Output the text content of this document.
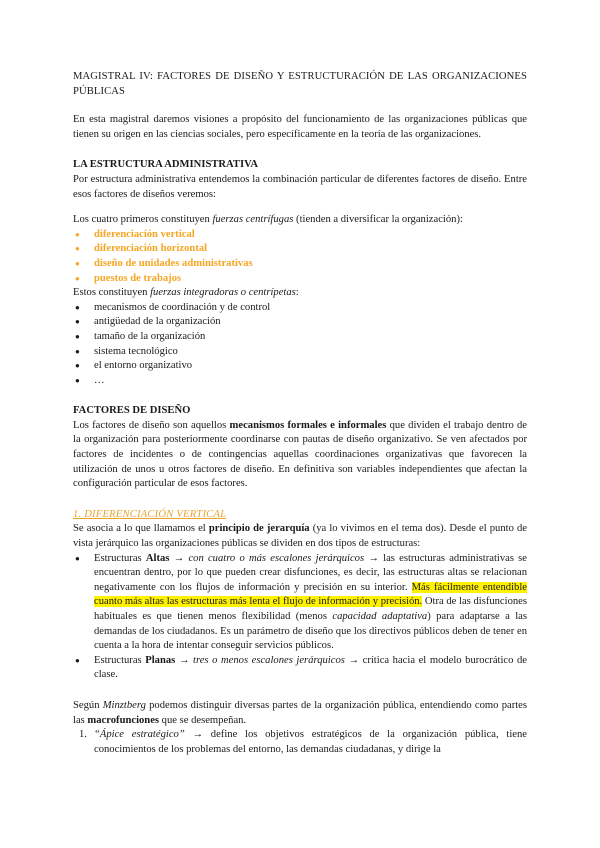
MAGISTRAL IV: FACTORES DE DISEÑO Y ESTRUCTURACIÓN DE LAS ORGANIZACIONES PÚBLICAS

En esta magistral daremos visiones a propósito del funcionamiento de las organizaciones públicas que tienen su origen en las ciencias sociales, pero específicamente en la teoría de las organizaciones.

LA ESTRUCTURA ADMINISTRATIVA

Por estructura administrativa entendemos la combinación particular de diferentes factores de diseño. Entre esos factores de diseños veremos:

Los cuatro primeros constituyen fuerzas centrífugas (tienden a diversificar la organización):

● diferenciación vertical
● diferenciación horizontal
● diseño de unidades administrativas
● puestos de trabajos

Estos constituyen fuerzas integradoras o centrípetas:

● mecanismos de coordinación y de control
● antigüedad de la organización
● tamaño de la organización
● sistema tecnológico
● el entorno organizativo
● …
FACTORES DE DISEÑO

Los factores de diseño son aquellos mecanismos formales e informales que dividen el trabajo dentro de la organización para posteriormente coordinarse con pautas de diseño organizativo. Se ven afectados por factores de incidentes o de contingencias aquellas coordinaciones organizativas que favorecen la utilización de unos u otros factores de diseño. En definitiva son variables independientes que afectan la configuración particular de esos factores.

1. DIFERENCIACIÓN VERTICAL

Se asocia a lo que llamamos el principio de jerarquía (ya lo vivimos en el tema dos). Desde el punto de vista jerárquico las organizaciones públicas se dividen en dos tipos de estructuras:

● Estructuras Altas → con cuatro o más escalones jerárquicos → las estructuras administrativas se encuentran dentro, por lo que pueden crear disfunciones, es decir, las estructuras altas se relacionan negativamente con los flujos de información y precisión en su interior. Más fácilmente entendible cuanto más altas las estructuras más lenta el flujo de información y precisión. Otra de las disfunciones habituales es que tienen menos flexibilidad (menos capacidad adaptativa) para adaptarse a las demandas de los ciudadanos. Es un parámetro de diseño que los directivos públicos deben de tener en cuenta a la hora de intentar conseguir servicios públicos.
● Estructuras Planas → tres o menos escalones jerárquicos → crítica hacia el modelo burocrático de clase.

Según Minztberg podemos distinguir diversas partes de la organización pública, entendiendo como partes las macrofunciones que se desempeñan.

1. “Ápice estratégico” → define los objetivos estratégicos de la organización pública, tiene conocimientos de los problemas del entorno, las demandas ciudadanas, y dirige la
